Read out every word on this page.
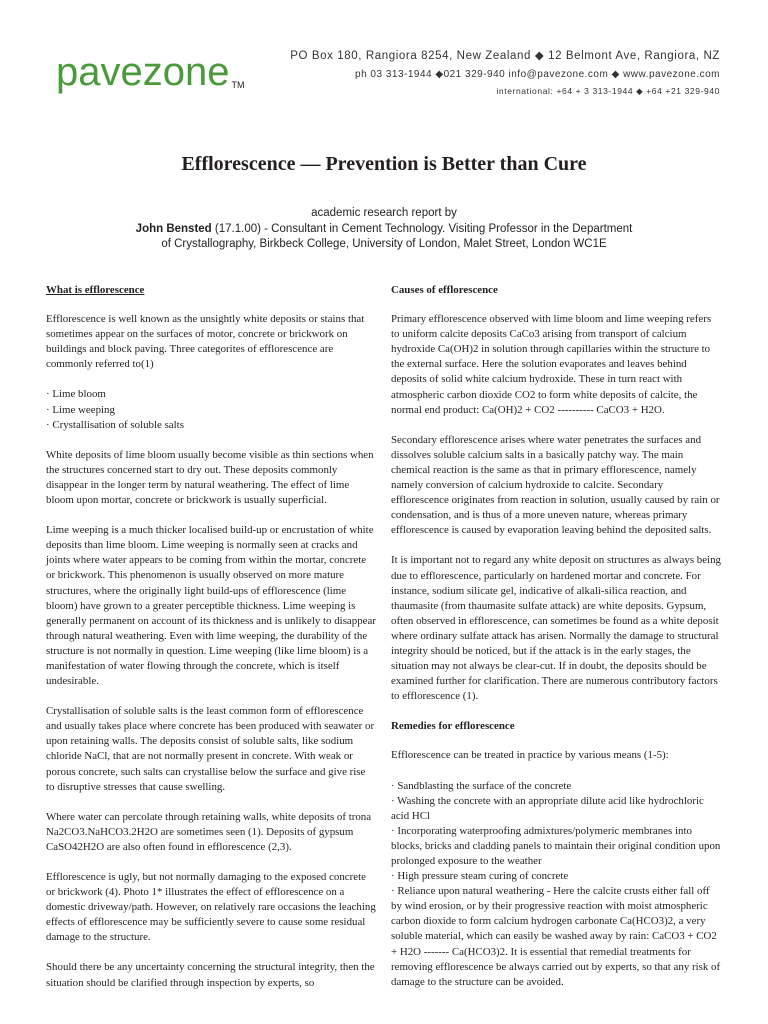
pavezone $_{TM}$
PO Box 180, Rangiora 8254, New Zealand ◆ 12 Belmont Ave, Rangiora, NZ
ph 03 313-1944 ◆021 329-940 info@pavezone.com ◆ www.pavezone.com
international: +64 + 3 313-1944 ◆ +64 +21 329-940
Efflorescence — Prevention is Better than Cure
academic research report by
John Bensted (17.1.00) - Consultant in Cement Technology. Visiting Professor in the Department
of Crystallography, Birkbeck College, University of London, Malet Street, London WC1E
What is efflorescence
Efflorescence is well known as the unsightly white deposits or stains that sometimes appear on the surfaces of motor, concrete or brickwork on buildings and block paving. Three categorites of efflorescence are commonly referred to(1)
· Lime bloom
· Lime weeping
· Crystallisation of soluble salts
White deposits of lime bloom usually become visible as thin sections when the structures concerned start to dry out. These deposits commonly disappear in the longer term by natural weathering. The effect of lime bloom upon mortar, concrete or brickwork is usually superficial.
Lime weeping is a much thicker localised build-up or encrustation of white deposits than lime bloom. Lime weeping is normally seen at cracks and joints where water appears to be coming from within the mortar, concrete or brickwork. This phenomenon is usually observed on more mature structures, where the originally light build-ups of efflorescence (lime bloom) have grown to a greater perceptible thickness. Lime weeping is generally permanent on account of its thickness and is unlikely to disappear through natural weathering. Even with lime weeping, the durability of the structure is not normally in question. Lime weeping (like lime bloom) is a manifestation of water flowing through the concrete, which is itself undesirable.
Crystallisation of soluble salts is the least common form of efflorescence and usually takes place where concrete has been produced with seawater or upon retaining walls. The deposits consist of soluble salts, like sodium chloride NaCl, that are not normally present in concrete. With weak or porous concrete, such salts can crystallise below the surface and give rise to disruptive stresses that cause swelling.
Where water can percolate through retaining walls, white deposits of trona Na2CO3.NaHCO3.2H2O are sometimes seen (1). Deposits of gypsum CaSO42H2O are also often found in efflorescence (2,3).
Efflorescence is ugly, but not normally damaging to the exposed concrete or brickwork (4). Photo 1* illustrates the effect of efflorescence on a domestic driveway/path. However, on relatively rare occasions the leaching effects of efflorescence may be sufficiently severe to cause some residual damage to the structure.
Should there be any uncertainty concerning the structural integrity, then the situation should be clarified through inspection by experts, so
Causes of efflorescence
Primary efflorescence observed with lime bloom and lime weeping refers to uniform calcite deposits CaCo3 arising from transport of calcium hydroxide Ca(OH)2 in solution through capillaries within the structure to the external surface. Here the solution evaporates and leaves behind deposits of solid white calcium hydroxide. These in turn react with atmospheric carbon dioxide CO2 to form white deposits of calcite, the normal end product: Ca(OH)2 + CO2 ---------- CaCO3 + H2O.
Secondary efflorescence arises where water penetrates the surfaces and dissolves soluble calcium salts in a basically patchy way. The main chemical reaction is the same as that in primary efflorescence, namely namely conversion of calcium hydroxide to calcite. Secondary efflorescence originates from reaction in solution, usually caused by rain or condensation, and is thus of a more uneven nature, whereas primary efflorescence is caused by evaporation leaving behind the deposited salts.
It is important not to regard any white deposit on structures as always being due to efflorescence, particularly on hardened mortar and concrete. For instance, sodium silicate gel, indicative of alkali-silica reaction, and thaumasite (from thaumasite sulfate attack) are white deposits. Gypsum, often observed in efflorescence, can sometimes be found as a white deposit where ordinary sulfate attack has arisen. Normally the damage to structural integrity should be noticed, but if the attack is in the early stages, the situation may not always be clear-cut. If in doubt, the deposits should be examined further for clarification. There are numerous contributory factors to efflorescence (1).
Remedies for efflorescence
Efflorescence can be treated in practice by various means (1-5):
· Sandblasting the surface of the concrete
· Washing the concrete with an appropriate dilute acid like hydrochloric acid HCl
· Incorporating waterproofing admixtures/polymeric membranes into blocks, bricks and cladding panels to maintain their original condition upon prolonged exposure to the weather
· High pressure steam curing of concrete
· Reliance upon natural weathering - Here the calcite crusts either fall off by wind erosion, or by their progressive reaction with moist atmospheric carbon dioxide to form calcium hydrogen carbonate Ca(HCO3)2, a very soluble material, which can easily be washed away by rain: CaCO3 + CO2 + H2O ------- Ca(HCO3)2. It is essential that remedial treatments for removing efflorescence be always carried out by experts, so that any risk of damage to the structure can be avoided.
